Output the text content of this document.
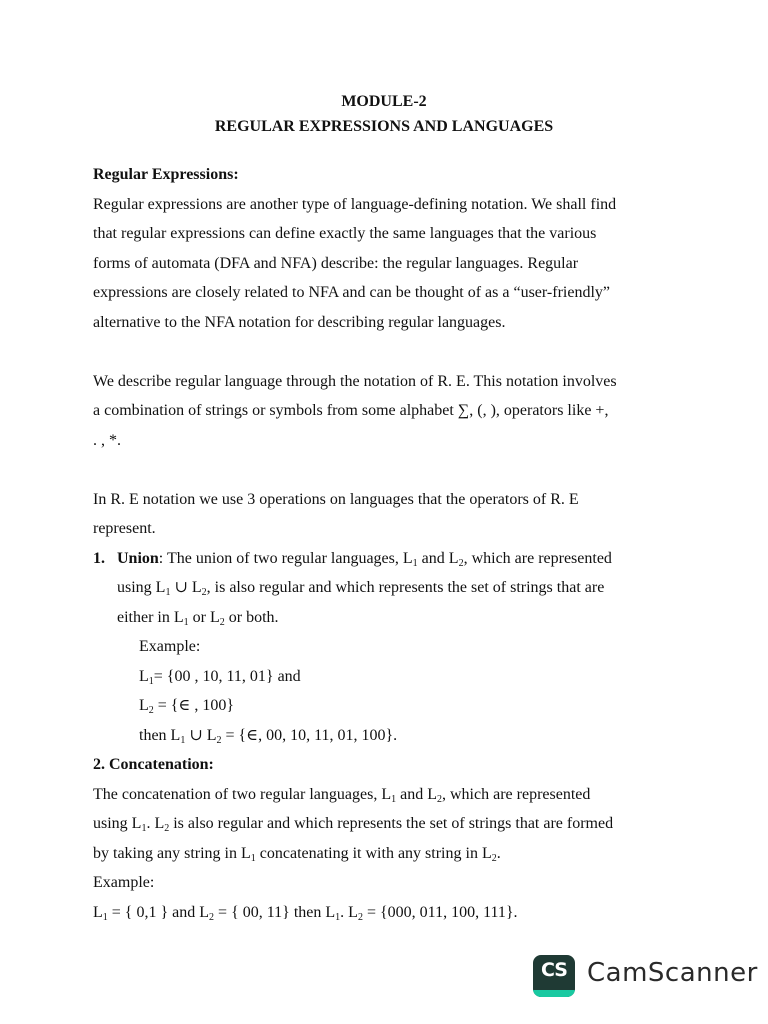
MODULE-2
REGULAR EXPRESSIONS AND LANGUAGES

Regular Expressions:

Regular expressions are another type of language-defining notation. We shall find

that regular expressions can define exactly the same languages that the various

forms of automata (DFA and NFA) describe: the regular languages. Regular

expressions are closely related to NFA and can be thought of as a “user-friendly”

alternative to the NFA notation for describing regular languages.

We describe regular language through the notation of R. E. This notation involves

a combination of strings or symbols from some alphabet ∑, (, ), operators like +,

. , *.

In R. E notation we use 3 operations on languages that the operators of R. E

represent.

1. Union: The union of two regular languages, $L_1$ and $L_2$, which are represented

using $L_1$ ∪ $L_2$, is also regular and which represents the set of strings that are

either in $L_1$ or $L_2$ or both.

Example:

$L_1= \{00$ , 10, 11, 01} and

$L_2$ = {∈ , 100}

then $L_1$ ∪ $L_2$ = {∈, 00, 10, 11, 01, 100}.

2. Concatenation:

The concatenation of two regular languages, $L_1$ and $L_2$, which are represented

using $L_1$. $L_2$ is also regular and which represents the set of strings that are formed

by taking any string in $L_1$ concatenating it with any string in $L_2$.

Example:

$L_1$ = { 0,1 } and $L_2$ = { 00, 11} then $L_1$. $L_2 = \{000$, 011, 100, 111}.

CS CamScanner
